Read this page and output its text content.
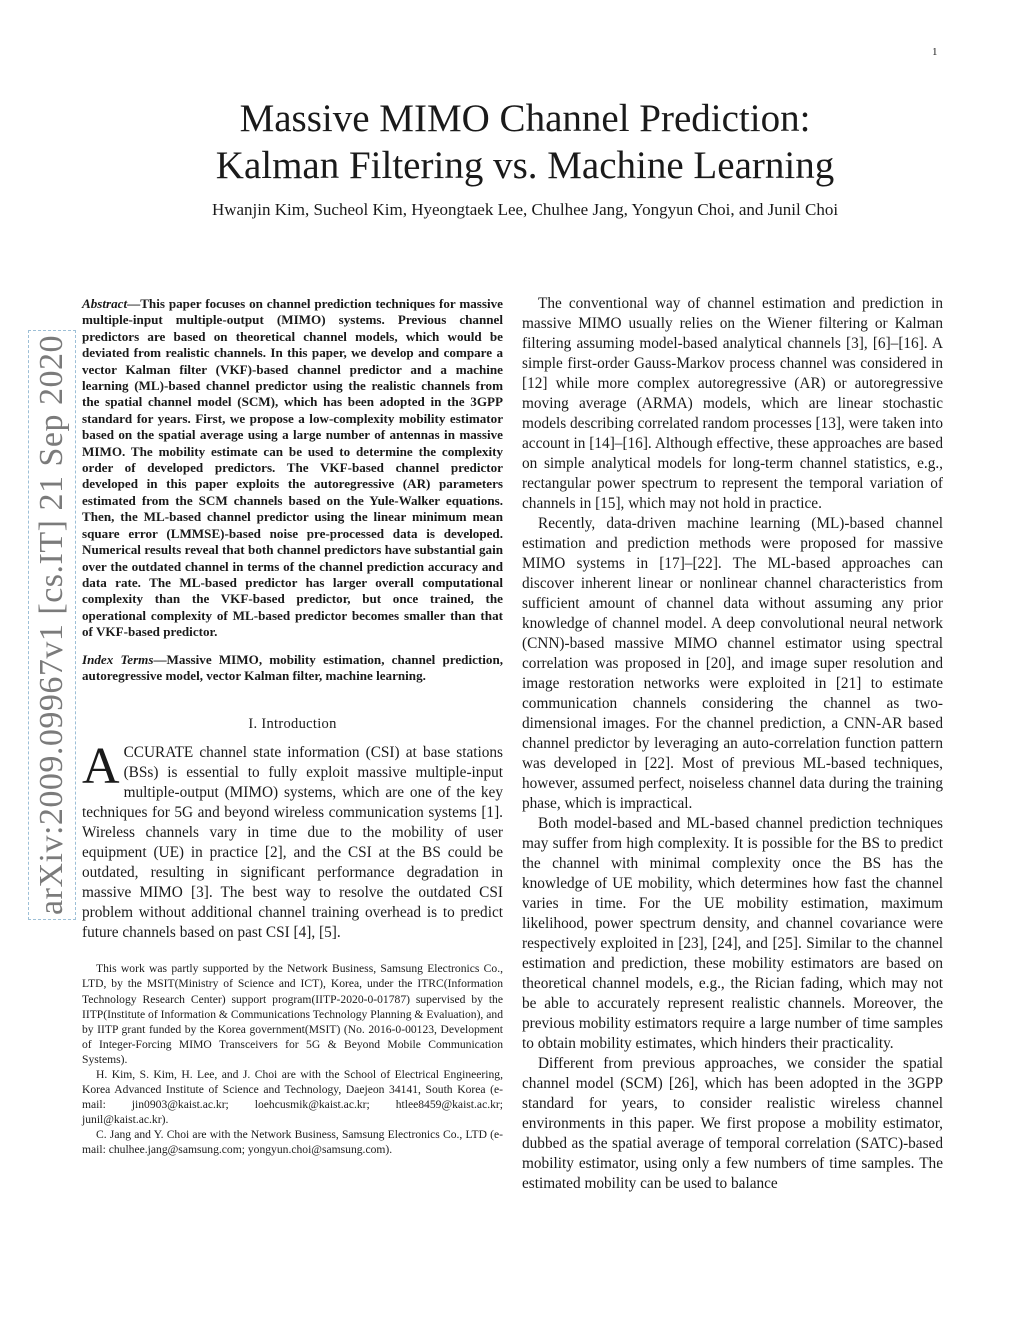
1
arXiv:2009.09967v1 [cs.IT] 21 Sep 2020
Massive MIMO Channel Prediction:
Kalman Filtering vs. Machine Learning
Hwanjin Kim, Sucheol Kim, Hyeongtaek Lee, Chulhee Jang, Yongyun Choi, and Junil Choi

Abstract—This paper focuses on channel prediction techniques for massive multiple-input multiple-output (MIMO) systems. Previous channel predictors are based on theoretical channel models, which would be deviated from realistic channels. In this paper, we develop and compare a vector Kalman filter (VKF)-based channel predictor and a machine learning (ML)-based channel predictor using the realistic channels from the spatial channel model (SCM), which has been adopted in the 3GPP standard for years. First, we propose a low-complexity mobility estimator based on the spatial average using a large number of antennas in massive MIMO. The mobility estimate can be used to determine the complexity order of developed predictors. The VKF-based channel predictor developed in this paper exploits the autoregressive (AR) parameters estimated from the SCM channels based on the Yule-Walker equations. Then, the ML-based channel predictor using the linear minimum mean square error (LMMSE)-based noise pre-processed data is developed. Numerical results reveal that both channel predictors have substantial gain over the outdated channel in terms of the channel prediction accuracy and data rate. The ML-based predictor has larger overall computational complexity than the VKF-based predictor, but once trained, the operational complexity of ML-based predictor becomes smaller than that of VKF-based predictor.

Index Terms—Massive MIMO, mobility estimation, channel prediction, autoregressive model, vector Kalman filter, machine learning.

I. Introduction

ACCURATE channel state information (CSI) at base stations (BSs) is essential to fully exploit massive multiple-input multiple-output (MIMO) systems, which are one of the key techniques for 5G and beyond wireless communication systems [1]. Wireless channels vary in time due to the mobility of user equipment (UE) in practice [2], and the CSI at the BS could be outdated, resulting in significant performance degradation in massive MIMO [3]. The best way to resolve the outdated CSI problem without additional channel training overhead is to predict future channels based on past CSI [4], [5].

This work was partly supported by the Network Business, Samsung Electronics Co., LTD, by the MSIT(Ministry of Science and ICT), Korea, under the ITRC(Information Technology Research Center) support program(IITP-2020-0-01787) supervised by the IITP(Institute of Information & Communications Technology Planning & Evaluation), and by IITP grant funded by the Korea government(MSIT) (No. 2016-0-00123, Development of Integer-Forcing MIMO Transceivers for 5G & Beyond Mobile Communication Systems).

H. Kim, S. Kim, H. Lee, and J. Choi are with the School of Electrical Engineering, Korea Advanced Institute of Science and Technology, Daejeon 34141, South Korea (e-mail: jin0903@kaist.ac.kr; loehcusmik@kaist.ac.kr; htlee8459@kaist.ac.kr; junil@kaist.ac.kr).

C. Jang and Y. Choi are with the Network Business, Samsung Electronics Co., LTD (e-mail: chulhee.jang@samsung.com; yongyun.choi@samsung.com).

The conventional way of channel estimation and prediction in massive MIMO usually relies on the Wiener filtering or Kalman filtering assuming model-based analytical channels [3], [6]–[16]. A simple first-order Gauss-Markov process channel was considered in [12] while more complex autoregressive (AR) or autoregressive moving average (ARMA) models, which are linear stochastic models describing correlated random processes [13], were taken into account in [14]–[16]. Although effective, these approaches are based on simple analytical models for long-term channel statistics, e.g., rectangular power spectrum to represent the temporal variation of channels in [15], which may not hold in practice.

Recently, data-driven machine learning (ML)-based channel estimation and prediction methods were proposed for massive MIMO systems in [17]–[22]. The ML-based approaches can discover inherent linear or nonlinear channel characteristics from sufficient amount of channel data without assuming any prior knowledge of channel model. A deep convolutional neural network (CNN)-based massive MIMO channel estimator using spectral correlation was proposed in [20], and image super resolution and image restoration networks were exploited in [21] to estimate communication channels considering the channel as two-dimensional images. For the channel prediction, a CNN-AR based channel predictor by leveraging an auto-correlation function pattern was developed in [22]. Most of previous ML-based techniques, however, assumed perfect, noiseless channel data during the training phase, which is impractical.

Both model-based and ML-based channel prediction techniques may suffer from high complexity. It is possible for the BS to predict the channel with minimal complexity once the BS has the knowledge of UE mobility, which determines how fast the channel varies in time. For the UE mobility estimation, maximum likelihood, power spectrum density, and channel covariance were respectively exploited in [23], [24], and [25]. Similar to the channel estimation and prediction, these mobility estimators are based on theoretical channel models, e.g., the Rician fading, which may not be able to accurately represent realistic channels. Moreover, the previous mobility estimators require a large number of time samples to obtain mobility estimates, which hinders their practicality.

Different from previous approaches, we consider the spatial channel model (SCM) [26], which has been adopted in the 3GPP standard for years, to consider realistic wireless channel environments in this paper. We first propose a mobility estimator, dubbed as the spatial average of temporal correlation (SATC)-based mobility estimator, using only a few numbers of time samples. The estimated mobility can be used to balance
